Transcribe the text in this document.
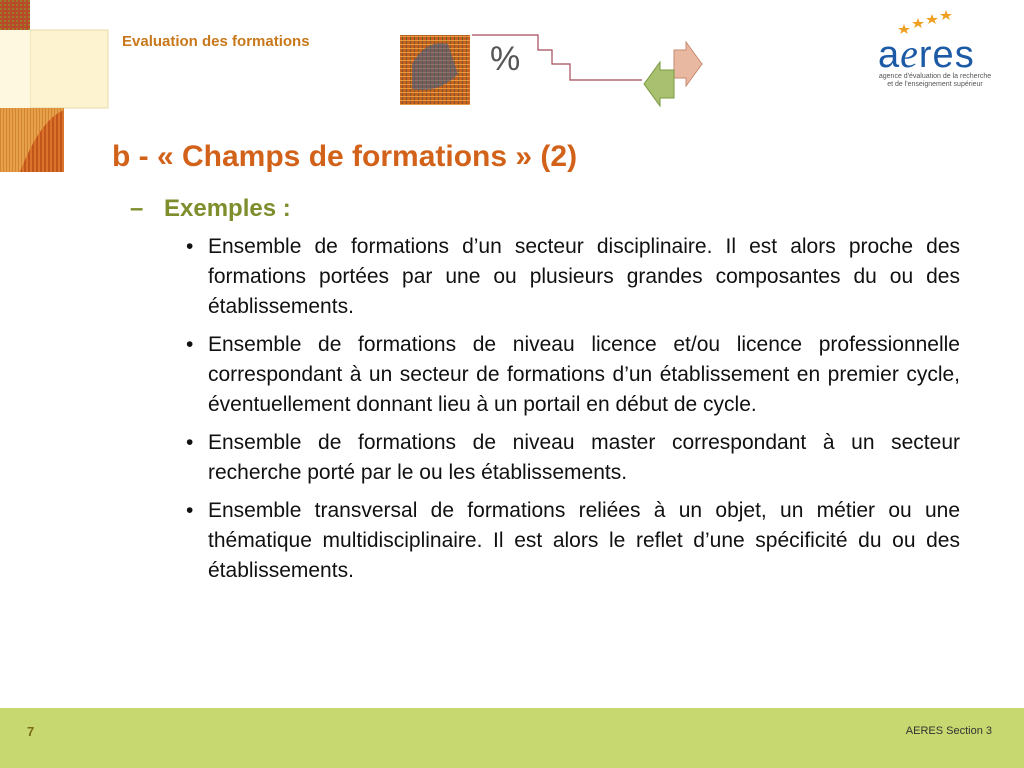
Evaluation des formations	%	aeres
agence d'évaluation de la recherche
et de l'enseignement supérieur
b - « Champs de formations » (2)
– Exemples :
• Ensemble de formations d’un secteur disciplinaire. Il est alors proche des formations portées par une ou plusieurs grandes composantes du ou des établissements.
• Ensemble de formations de niveau licence et/ou licence professionnelle correspondant à un secteur de formations d’un établissement en premier cycle, éventuellement donnant lieu à un portail en début de cycle.
• Ensemble de formations de niveau master correspondant à un secteur recherche porté par le ou les établissements.
• Ensemble transversal de formations reliées à un objet, un métier ou une thématique multidisciplinaire. Il est alors le reflet d’une spécificité du ou des établissements.
7	AERES Section 3
